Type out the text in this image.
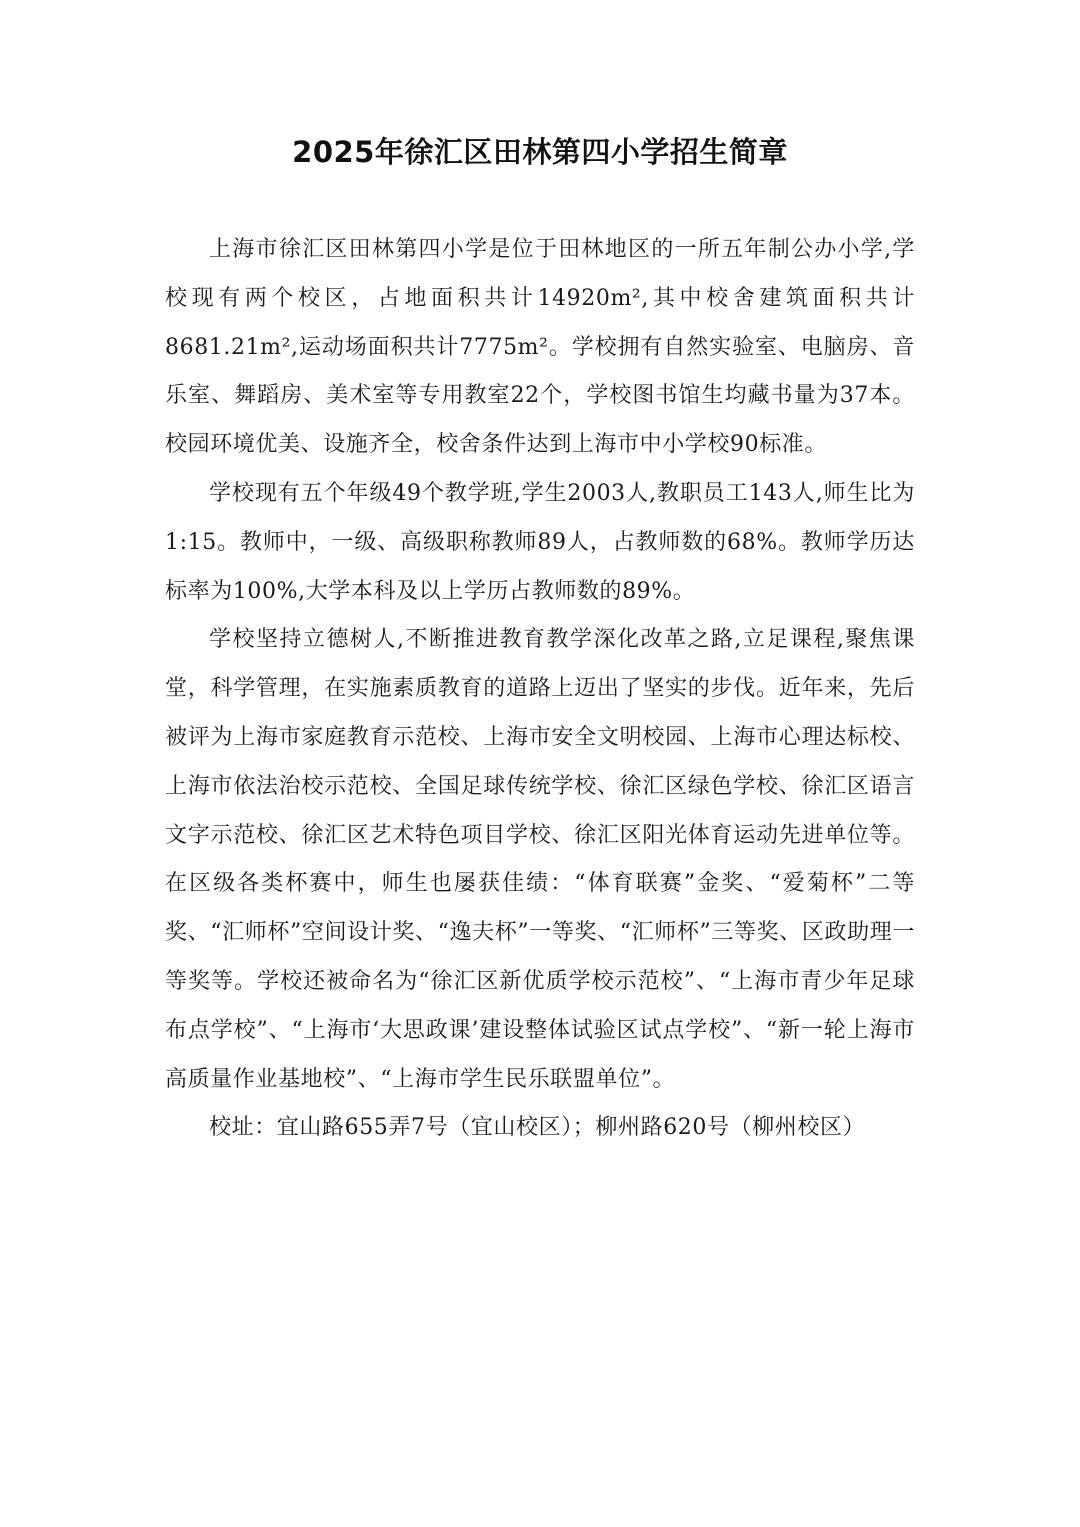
2025年徐汇区田林第四小学招生简章

上海市徐汇区田林第四小学是位于田林地区的一所五年制公办小学,学校现有两个校区，占地面积共计14920m²,其中校舍建筑面积共计8681.21m²,运动场面积共计7775m²。学校拥有自然实验室、电脑房、音乐室、舞蹈房、美术室等专用教室22个，学校图书馆生均藏书量为37本。校园环境优美、设施齐全，校舍条件达到上海市中小学校90标准。

学校现有五个年级49个教学班,学生2003人,教职员工143人,师生比为1:15。教师中，一级、高级职称教师89人，占教师数的68%。教师学历达标率为100%,大学本科及以上学历占教师数的89%。

学校坚持立德树人,不断推进教育教学深化改革之路,立足课程,聚焦课堂，科学管理，在实施素质教育的道路上迈出了坚实的步伐。近年来，先后被评为上海市家庭教育示范校、上海市安全文明校园、上海市心理达标校、上海市依法治校示范校、全国足球传统学校、徐汇区绿色学校、徐汇区语言文字示范校、徐汇区艺术特色项目学校、徐汇区阳光体育运动先进单位等。在区级各类杯赛中，师生也屡获佳绩：“体育联赛”金奖、“爱菊杯”二等奖、“汇师杯”空间设计奖、“逸夫杯”一等奖、“汇师杯”三等奖、区政助理一等奖等。学校还被命名为“徐汇区新优质学校示范校”、“上海市青少年足球布点学校”、“上海市‘大思政课’建设整体试验区试点学校”、“新一轮上海市高质量作业基地校”、“上海市学生民乐联盟单位”。

校址：宜山路655弄7号（宜山校区）；柳州路620号（柳州校区）
